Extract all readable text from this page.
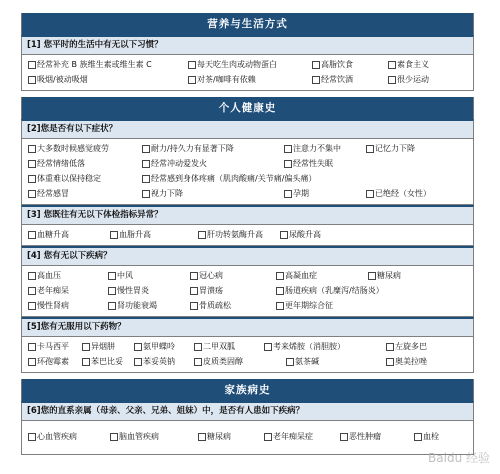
营养与生活方式
[1] 您平时的生活中有无以下习惯？
经常补充 B 族维生素或维生素 C	每天吃生肉或动物蛋白	高脂饮食	素食主义
吸烟/被动吸烟	对茶/咖啡有依赖	经常饮酒	很少运动
个人健康史
[2]您是否有以下症状？
大多数时候感觉疲劳	耐力/持久力有显著下降	注意力不集中	记忆力下降
经常情绪低落	经常冲动爱发火	经常性失眠
体重难以保持稳定	经常感到身体疼痛（肌肉酸痛/关节痛/偏头痛）
经常感冒	视力下降	孕期	已绝经（女性）
[3] 您既往有无以下体检指标异常？
血糖升高	血脂升高	肝功转氨酶升高	尿酸升高
[4] 您有无以下疾病？
高血压	中风	冠心病	高凝血症	糖尿病
老年痴呆	慢性胃炎	胃溃疡	肠道疾病（乳糜泻/结肠炎）
慢性肾病	肾功能衰竭	骨质疏松	更年期综合征
[5]您有无服用以下药物？
卡马西平	异烟肼	氨甲蝶呤	二甲双胍	考来烯胺（消胆胺）	左旋多巴
环孢霉素	苯巴比妥	苯妥英钠	皮质类固醇	氨茶碱	奥美拉唑
家族病史
[6]您的直系亲属（母亲、父亲、兄弟、姐妹）中，是否有人患如下疾病？
心血管疾病	脑血管疾病	糖尿病	老年痴呆症	恶性肿瘤	血栓
Baidu 经验
